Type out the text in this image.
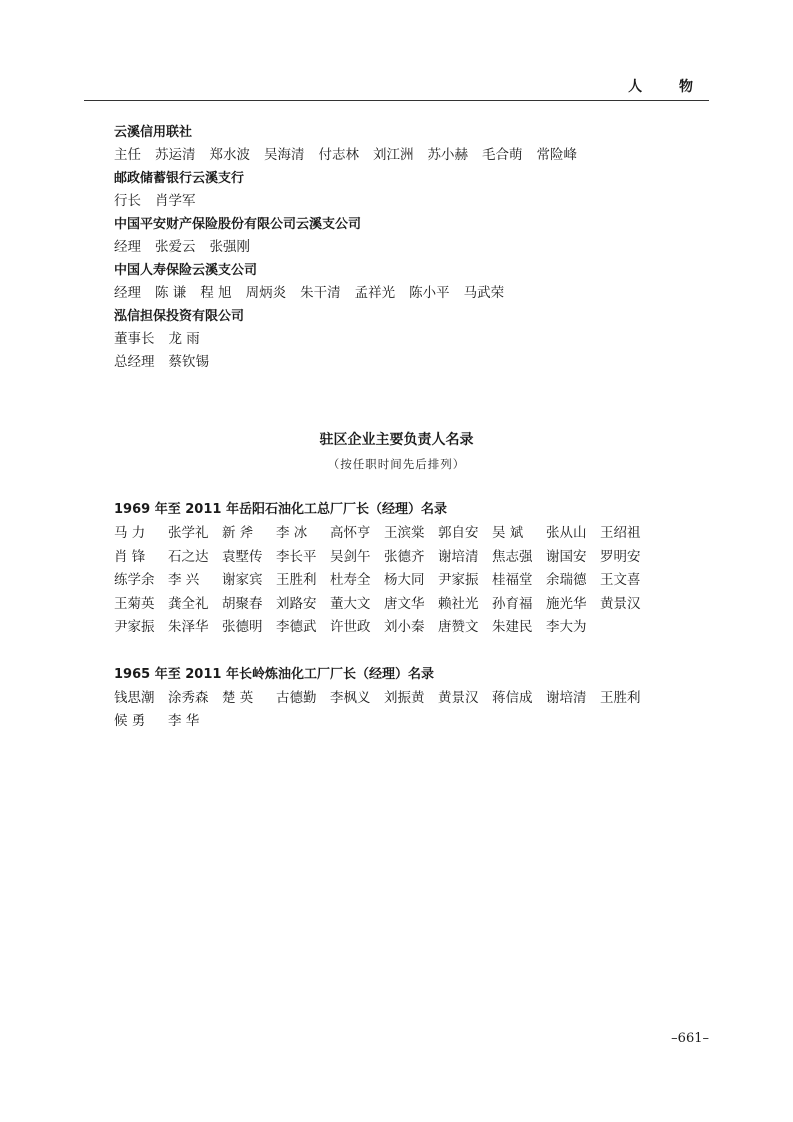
人 物
云溪信用联社
主任 苏运清 郑水波 吴海清 付志林 刘江洲 苏小赫 毛合萌 常险峰
邮政储蓄银行云溪支行
行长 肖学军
中国平安财产保险股份有限公司云溪支公司
经理 张爱云 张强刚
中国人寿保险云溪支公司
经理 陈 谦 程 旭 周炳炎 朱干清 孟祥光 陈小平 马武荣
泓信担保投资有限公司
董事长 龙 雨
总经理 蔡钦锡
驻区企业主要负责人名录
（按任职时间先后排列）
1969 年至 2011 年岳阳石油化工总厂厂长（经理）名录
马 力 张学礼 新 斧 李 冰 高怀亨 王滨棠 郭自安 吴 斌 张从山 王绍祖
肖 锋 石之达 袁墅传 李长平 吴剑午 张德齐 谢培清 焦志强 谢国安 罗明安
练学余 李 兴 谢家宾 王胜利 杜寿全 杨大同 尹家振 桂福堂 余瑞德 王文喜
王菊英 龚全礼 胡聚春 刘路安 董大文 唐文华 赖社光 孙育福 施光华 黄景汉
尹家振 朱泽华 张德明 李德武 许世政 刘小秦 唐赞文 朱建民 李大为
1965 年至 2011 年长岭炼油化工厂厂长（经理）名录
钱思潮 涂秀森 楚 英 古德勤 李枫义 刘振黄 黄景汉 蒋信成 谢培清 王胜利
候 勇 李 华
–661–
